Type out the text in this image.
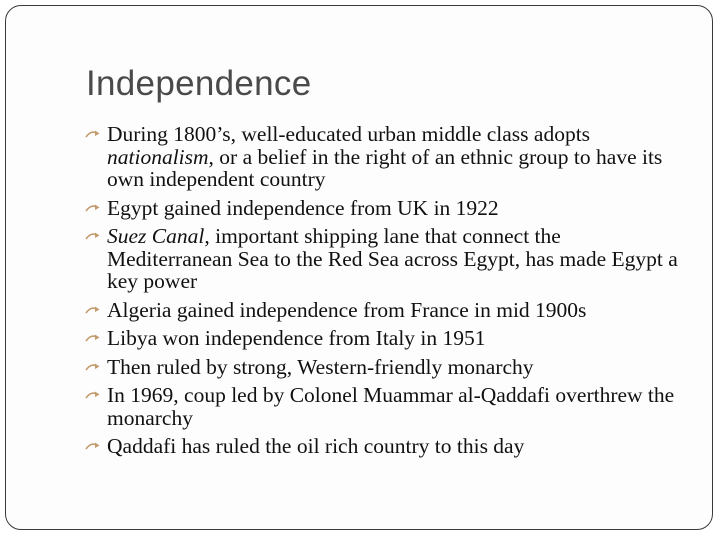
Independence
During 1800’s, well-educated urban middle class adopts nationalism, or a belief in the right of an ethnic group to have its own independent country
Egypt gained independence from UK in 1922
Suez Canal, important shipping lane that connect the Mediterranean Sea to the Red Sea across Egypt, has made Egypt a key power
Algeria gained independence from France in mid 1900s
Libya won independence from Italy in 1951
Then ruled by strong, Western-friendly monarchy
In 1969, coup led by Colonel Muammar al-Qaddafi overthrew the monarchy
Qaddafi has ruled the oil rich country to this day
